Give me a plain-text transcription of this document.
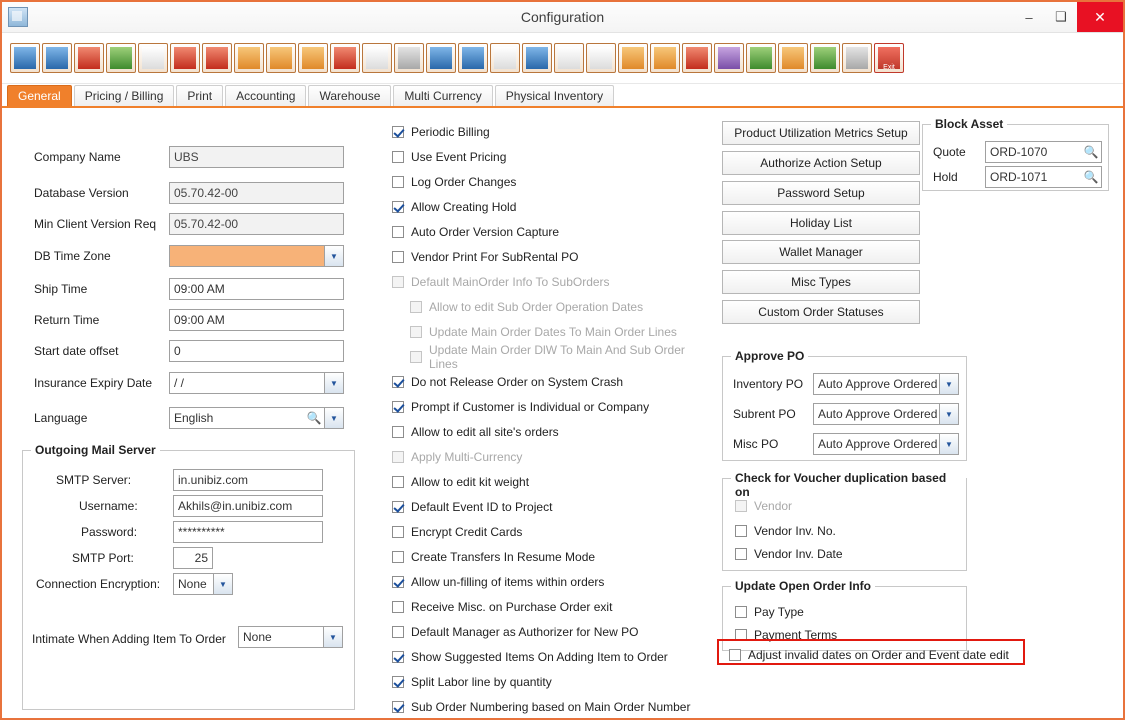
Configuration	–	❑	✕
Exit
General	Pricing / Billing	Print	Accounting	Warehouse	Multi Currency	Physical Inventory
Company Name	UBS
Database Version	05.70.42-00
Min Client Version Req	05.70.42-00
DB Time Zone	▼
Ship Time	09:00 AM
Return Time	09:00 AM
Start date offset	0
Insurance Expiry Date	/ /	▼
Language	English	🔍	▼
Outgoing Mail Server
SMTP Server:	in.unibiz.com
Username:	Akhils@in.unibiz.com
Password:	**********
SMTP Port:	25
Connection Encryption:	None	▼
Intimate When Adding Item To Order	None	▼
Periodic Billing
Use Event Pricing
Log Order Changes
Allow Creating Hold
Auto Order Version Capture
Vendor Print For SubRental PO
Default MainOrder Info To SubOrders
Allow to edit Sub Order Operation Dates
Update Main Order Dates To Main Order Lines
Update Main Order DlW To Main And Sub Order Lines
Do not Release Order on System Crash
Prompt if Customer is Individual or Company
Allow to edit all site's orders
Apply Multi-Currency
Allow to edit kit weight
Default Event ID to Project
Encrypt Credit Cards
Create Transfers In Resume Mode
Allow un-filling of items within orders
Receive Misc. on Purchase Order exit
Default Manager as Authorizer for New PO
Show Suggested Items On Adding Item to Order
Split Labor line by quantity
Sub Order Numbering based on Main Order Number
Product Utilization Metrics Setup
Authorize Action Setup
Password Setup
Holiday List
Wallet Manager
Misc Types
Custom Order Statuses
Block Asset
Quote	ORD-1070	🔍
Hold	ORD-1071	🔍
Approve PO
Inventory PO	Auto Approve Ordered ▼
Subrent PO	Auto Approve Ordered ▼
Misc PO	Auto Approve Ordered ▼
Check for Voucher duplication based on
Vendor
Vendor Inv. No.
Vendor Inv. Date
Update Open Order Info
Pay Type
Payment Terms
Adjust invalid dates on Order and Event date edit
